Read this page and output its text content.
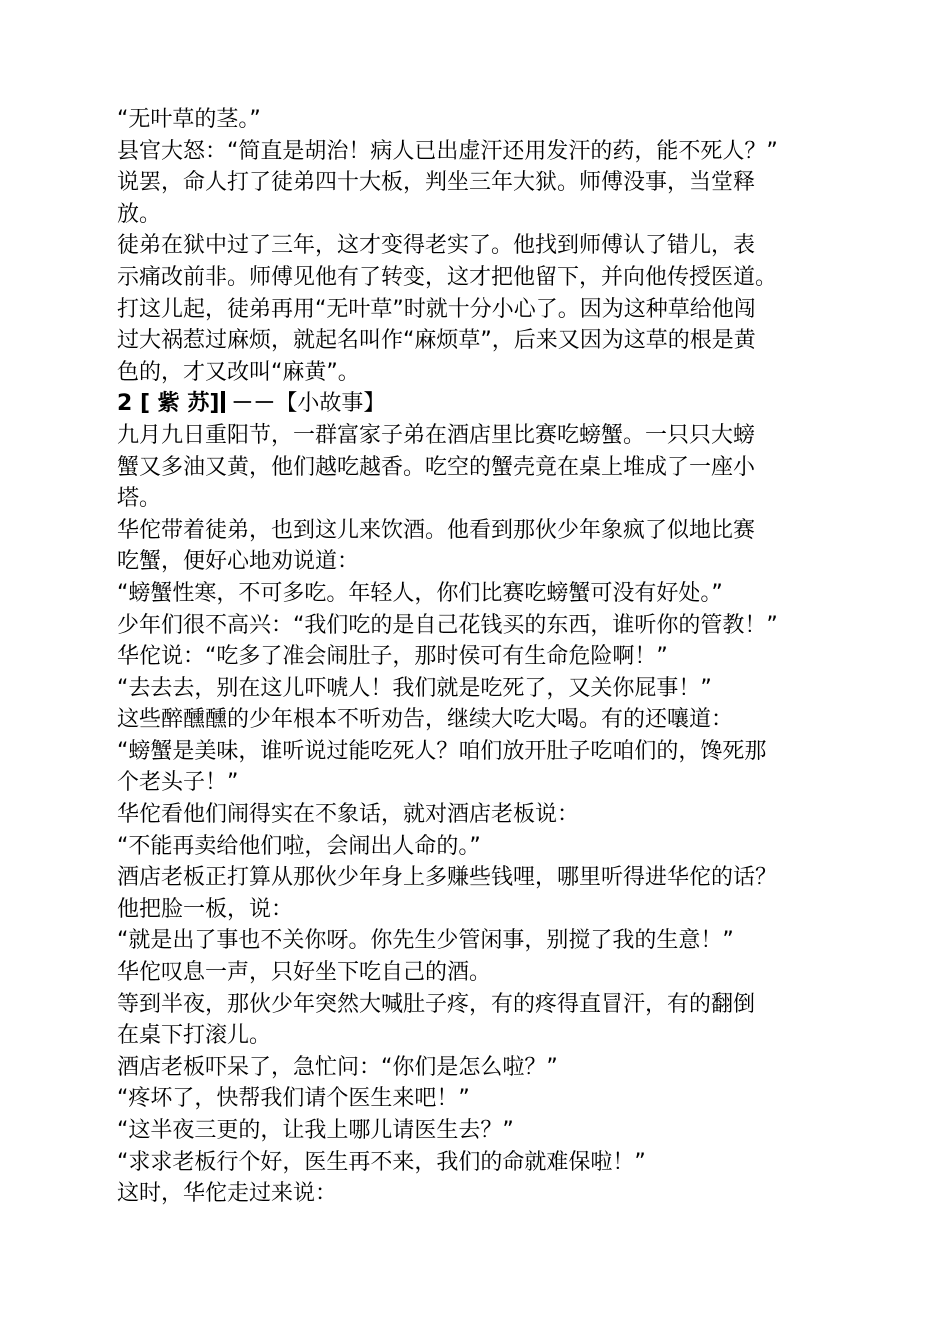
“无叶草的茎。”
县官大怒：“简直是胡治！病人已出虚汗还用发汗的药，能不死人？”
说罢，命人打了徒弟四十大板，判坐三年大狱。师傅没事，当堂释
放。
徒弟在狱中过了三年，这才变得老实了。他找到师傅认了错儿，表
示痛改前非。师傅见他有了转变，这才把他留下，并向他传授医道。
打这儿起，徒弟再用“无叶草”时就十分小心了。因为这种草给他闯
过大祸惹过麻烦，就起名叫作“麻烦草”，后来又因为这草的根是黄
色的，才又改叫“麻黄”。
2 [ 紫 苏] －－【小故事】
九月九日重阳节，一群富家子弟在酒店里比赛吃螃蟹。一只只大螃
蟹又多油又黄，他们越吃越香。吃空的蟹壳竟在桌上堆成了一座小
塔。
华佗带着徒弟，也到这儿来饮酒。他看到那伙少年象疯了似地比赛
吃蟹，便好心地劝说道：
“螃蟹性寒，不可多吃。年轻人，你们比赛吃螃蟹可没有好处。”
少年们很不高兴：“我们吃的是自己花钱买的东西，谁听你的管教！”
华佗说：“吃多了准会闹肚子，那时侯可有生命危险啊！”
“去去去，别在这儿吓唬人！我们就是吃死了，又关你屁事！”
这些醉醺醺的少年根本不听劝告，继续大吃大喝。有的还嚷道：
“螃蟹是美味，谁听说过能吃死人？咱们放开肚子吃咱们的，馋死那
个老头子！”
华佗看他们闹得实在不象话，就对酒店老板说：
“不能再卖给他们啦，会闹出人命的。”
酒店老板正打算从那伙少年身上多赚些钱哩，哪里听得进华佗的话？
他把脸一板，说：
“就是出了事也不关你呀。你先生少管闲事，别搅了我的生意！”
华佗叹息一声，只好坐下吃自己的酒。
等到半夜，那伙少年突然大喊肚子疼，有的疼得直冒汗，有的翻倒
在桌下打滚儿。
酒店老板吓呆了，急忙问：“你们是怎么啦？”
“疼坏了，快帮我们请个医生来吧！”
“这半夜三更的，让我上哪儿请医生去？”
“求求老板行个好，医生再不来，我们的命就难保啦！”
这时，华佗走过来说：
